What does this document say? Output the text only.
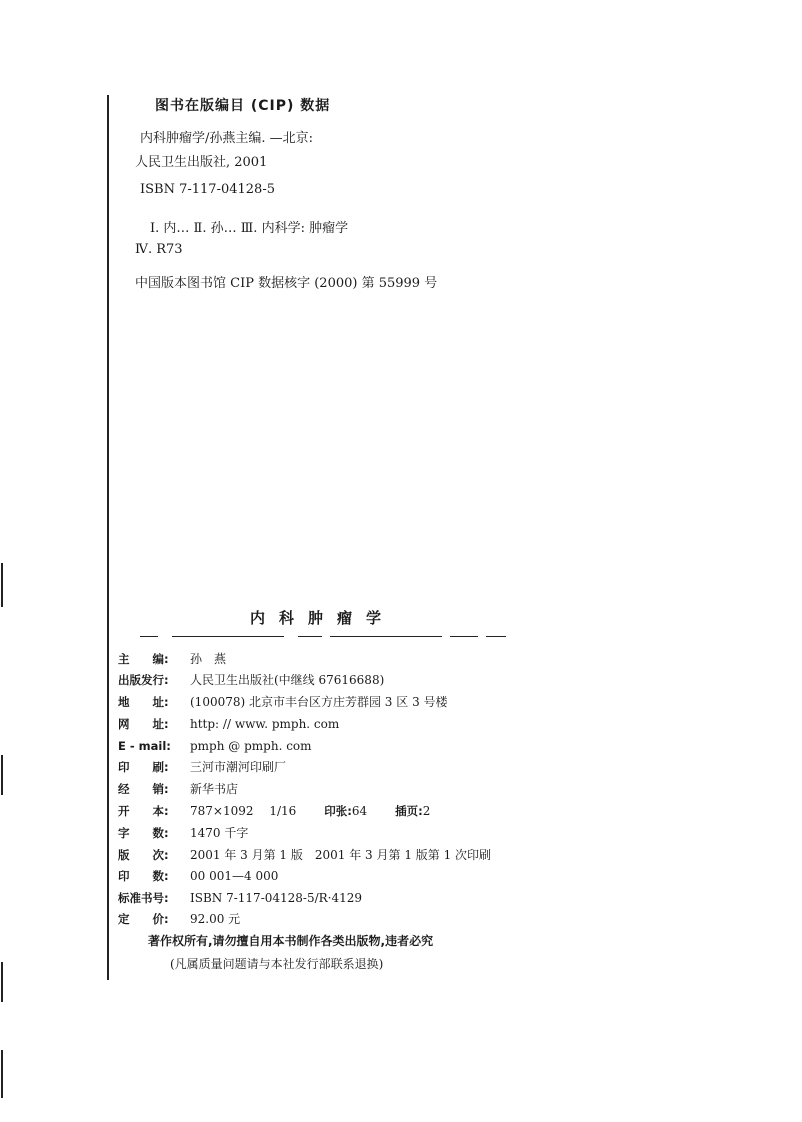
图书在版编目 (CIP) 数据
内科肿瘤学/孙燕主编. —北京:
人民卫生出版社, 2001
ISBN 7-117-04128-5
Ⅰ. 内… Ⅱ. 孙… Ⅲ. 内科学: 肿瘤学
Ⅳ. R73
中国版本图书馆 CIP 数据核字 (2000) 第 55999 号
内科肿瘤学
主　　编: 孙　燕
出版发行: 人民卫生出版社(中继线 67616688)
地　　址: (100078) 北京市丰台区方庄芳群园 3 区 3 号楼
网　　址: http: // www. pmph. com
E - mail: pmph @ pmph. com
印　　刷: 三河市潮河印刷厂
经　　销: 新华书店
开　　本: 787×1092　 1/16 印张:64 插页:2
字　　数: 1470 千字
版　　次: 2001 年 3 月第 1 版　2001 年 3 月第 1 版第 1 次印刷
印　　数: 00 001—4 000
标准书号: ISBN 7-117-04128-5/R·4129
定　　价: 92.00 元
著作权所有,请勿擅自用本书制作各类出版物,违者必究
(凡属质量问题请与本社发行部联系退换)
